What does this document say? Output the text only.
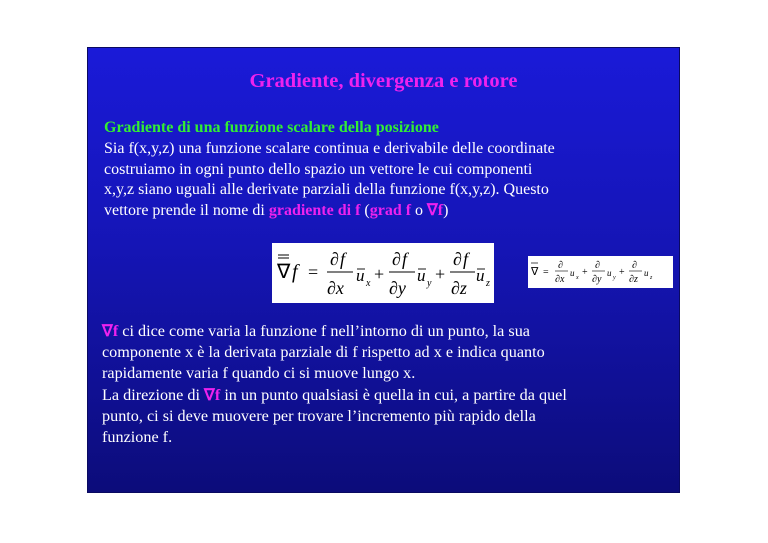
Gradiente, divergenza e rotore
Gradiente di una funzione scalare della posizione
Sia f(x,y,z) una funzione scalare continua e derivabile delle coordinate
costruiamo in ogni punto dello spazio un vettore le cui componenti
x,y,z siano uguali alle derivate parziali della funzione f(x,y,z). Questo
vettore prende il nome di gradiente di f (grad f o ∇f)
∇ f =
∂ f
∂x
u x +
∂ f
∂y
u y +
∂ f
∂z
u z
∇ =
∂
∂x
u x +
∂
∂y
u y +
∂
∂z
u z
∇f ci dice come varia la funzione f nell’intorno di un punto, la sua
componente x è la derivata parziale di f rispetto ad x e indica quanto
rapidamente varia f quando ci si muove lungo x.
La direzione di ∇f in un punto qualsiasi è quella in cui, a partire da quel
punto, ci si deve muovere per trovare l’incremento più rapido della
funzione f.
